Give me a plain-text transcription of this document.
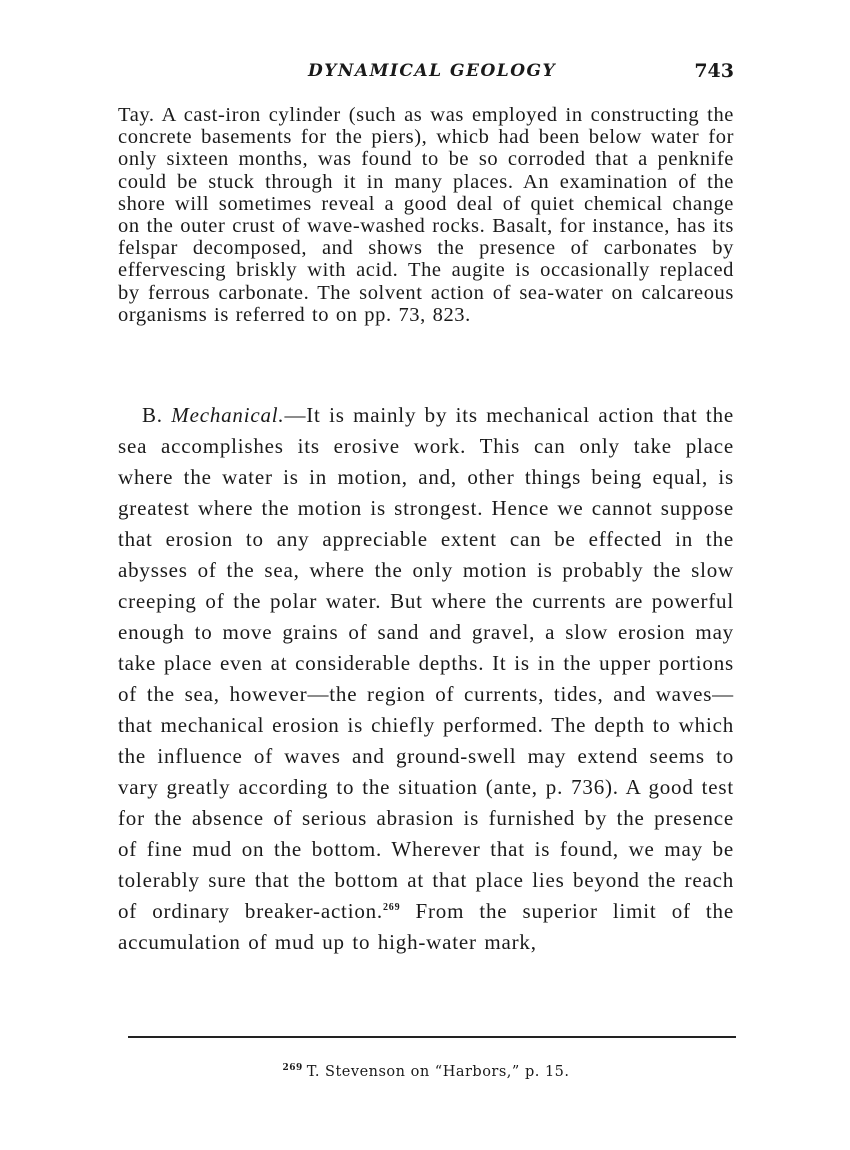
DYNAMICAL GEOLOGY	743

Tay. A cast-iron cylinder (such as was employed in constructing the concrete basements for the piers), whicb had been below water for only sixteen months, was found to be so corroded that a penknife could be stuck through it in many places. An examination of the shore will sometimes reveal a good deal of quiet chemical change on the outer crust of wave-washed rocks. Basalt, for instance, has its felspar decomposed, and shows the presence of carbonates by effervescing briskly with acid. The augite is occasionally replaced by ferrous carbonate. The solvent action of sea-water on calcareous organisms is referred to on pp. 73, 823.

B. Mechanical.—It is mainly by its mechanical action that the sea accomplishes its erosive work. This can only take place where the water is in motion, and, other things being equal, is greatest where the motion is strongest. Hence we cannot suppose that erosion to any appreciable extent can be effected in the abysses of the sea, where the only motion is probably the slow creeping of the polar water. But where the currents are powerful enough to move grains of sand and gravel, a slow erosion may take place even at considerable depths. It is in the upper portions of the sea, however—the region of currents, tides, and waves—that mechanical erosion is chiefly performed. The depth to which the influence of waves and ground-swell may extend seems to vary greatly according to the situation (ante, p. 736). A good test for the absence of serious abrasion is furnished by the presence of fine mud on the bottom. Wherever that is found, we may be tolerably sure that the bottom at that place lies beyond the reach of ordinary breaker-action.$^{269}$ From the superior limit of the accumulation of mud up to high-water mark,

$^{269}$ T. Stevenson on “Harbors,” p. 15.
